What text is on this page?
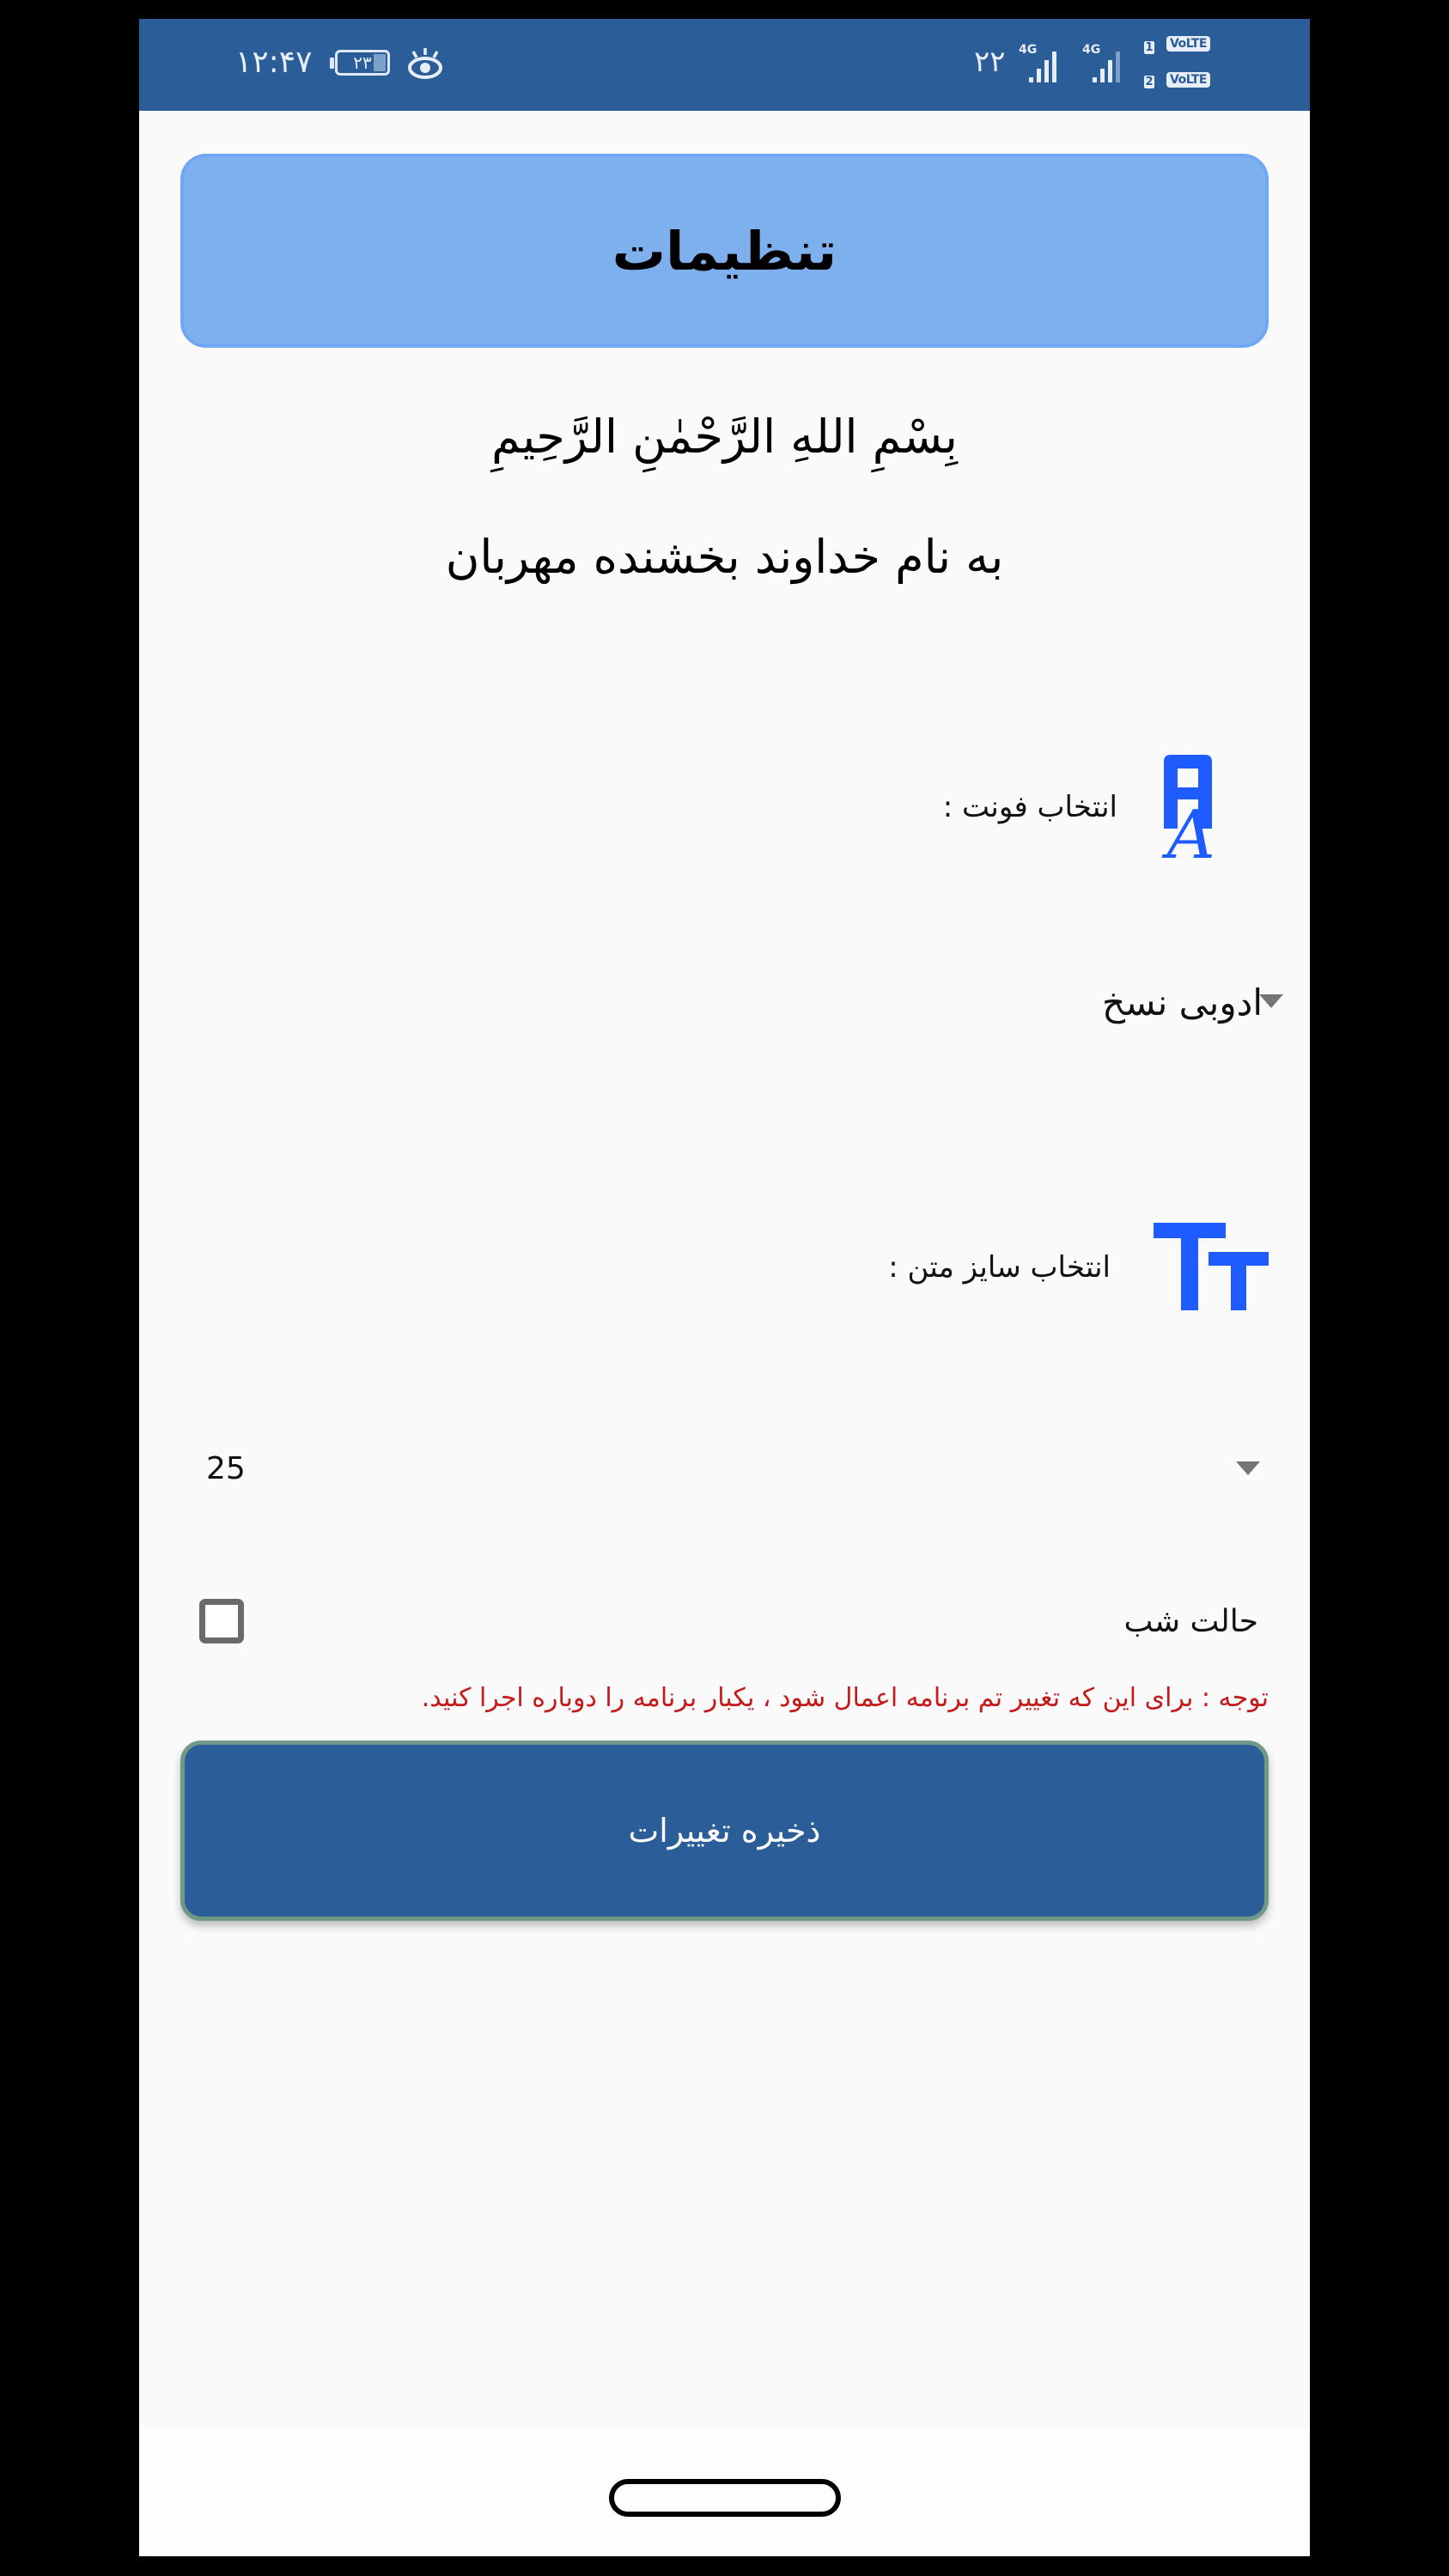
۱۲:۴۷	۲۳	۲۲ 4G	4G	1
2
VoLTE
VoLTE
تنظیمات
بِسْمِ اللهِ الرَّحْمٰنِ الرَّحِيمِ
به نام خداوند بخشنده مهربان
A
انتخاب فونت :
ادوبی نسخ
انتخاب سایز متن :
25
حالت شب
توجه : برای این که تغییر تم برنامه اعمال شود ، یکبار برنامه را دوباره اجرا کنید.
ذخیره تغییرات
